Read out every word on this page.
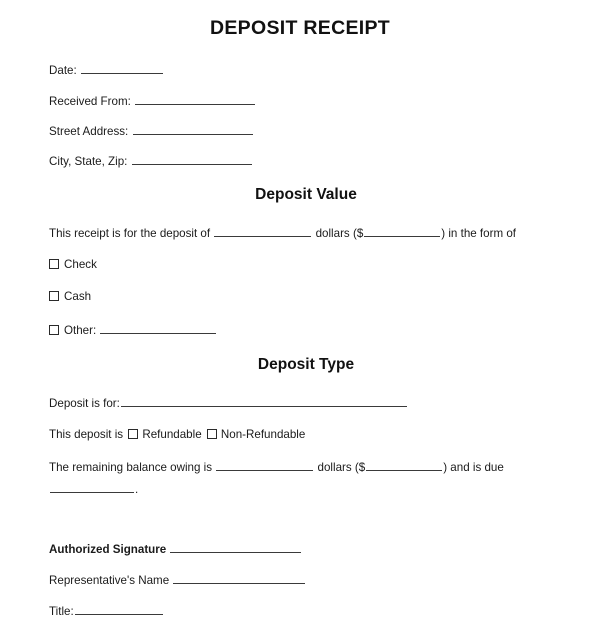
DEPOSIT RECEIPT
Date:
Received From:
Street Address:
City, State, Zip:
Deposit Value
This receipt is for the deposit of	dollars ($	) in the form of
Check
Cash
Other:
Deposit Type
Deposit is for:
This deposit is Refundable Non-Refundable
The remaining balance owing is	dollars ($	) and is due
.
Authorized Signature
Representative's Name
Title:
